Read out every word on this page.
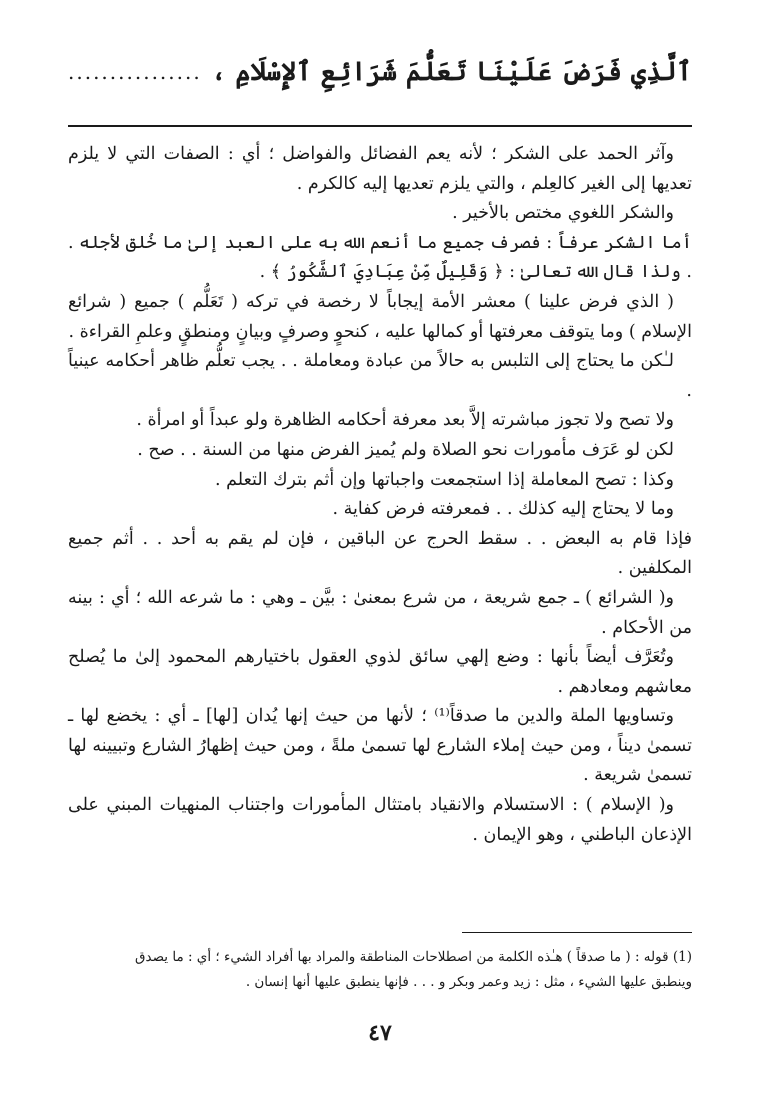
ٱلَّذِي فَرَضَ عَلَيْنَا تَعَلُّمَ شَرَائِعِ ٱلإِسْلَامِ ،
................

وآثر الحمد على الشكر ؛ لأنه يعم الفضائل والفواضل ؛ أي : الصفات التي لا يلزم تعديها إلى الغير كالعِلم ، والتي يلزم تعديها إليه كالكرم .

والشكر اللغوي مختص بالأخير .

أما الشكر عرفاً : فصرف جميع ما أنعم الله به على العبد إلىٰ ما خُلق لأجله . . ولذا قال الله تعالىٰ : ﴿ وَقَلِيلٌ مِّنْ عِبَادِيَ ٱلشَّكُورُ ﴾ .

( الذي فرض علينا ) معشر الأمة إيجاباً لا رخصة في تركه ( تَعَلُّم ) جميع ( شرائع الإسلام ) وما يتوقف معرفتها أو كمالها عليه ، كنحوٍ وصرفٍ وبيانٍ ومنطقٍ وعلمِ القراءة .

لـٰكن ما يحتاج إلى التلبس به حالاً من عبادة ومعاملة . . يجب تعلُّم ظاهر أحكامه عينياً .

ولا تصح ولا تجوز مباشرته إلاَّ بعد معرفة أحكامه الظاهرة ولو عبداً أو امرأة .

لكن لو عَرَف مأمورات نحو الصلاة ولم يُميز الفرض منها من السنة . . صح .

وكذا : تصح المعاملة إذا استجمعت واجباتها وإن أثم بترك التعلم .

وما لا يحتاج إليه كذلك . . فمعرفته فرض كفاية .

فإذا قام به البعض . . سقط الحرج عن الباقين ، فإن لم يقم به أحد . . أثم جميع المكلفين .

و( الشرائع ) ـ جمع شريعة ، من شرع بمعنىٰ : بيَّن ـ وهي : ما شرعه الله ؛ أي : بينه من الأحكام .

وتُعَرَّف أيضاً بأنها : وضع إلهي سائق لذوي العقول باختيارهم المحمود إلىٰ ما يُصلح معاشهم ومعادهم .

وتساويها الملة والدين ما صدقاً⁽¹⁾ ؛ لأنها من حيث إنها يُدان [لها] ـ أي : يخضع لها ـ تسمىٰ ديناً ، ومن حيث إملاء الشارع لها تسمىٰ ملةً ، ومن حيث إظهارُ الشارع وتبيينه لها تسمىٰ شريعة .

و( الإسلام ) : الاستسلام والانقياد بامتثال المأمورات واجتناب المنهيات المبني على الإذعان الباطني ، وهو الإيمان .

(1) قوله : ( ما صدقاً ) هـٰذه الكلمة من اصطلاحات المناطقة والمراد بها أفراد الشيء ؛ أي : ما يصدق

وينطبق عليها الشيء ، مثل : زيد وعمر وبكر و . . . فإنها ينطبق عليها أنها إنسان .

٤٧
